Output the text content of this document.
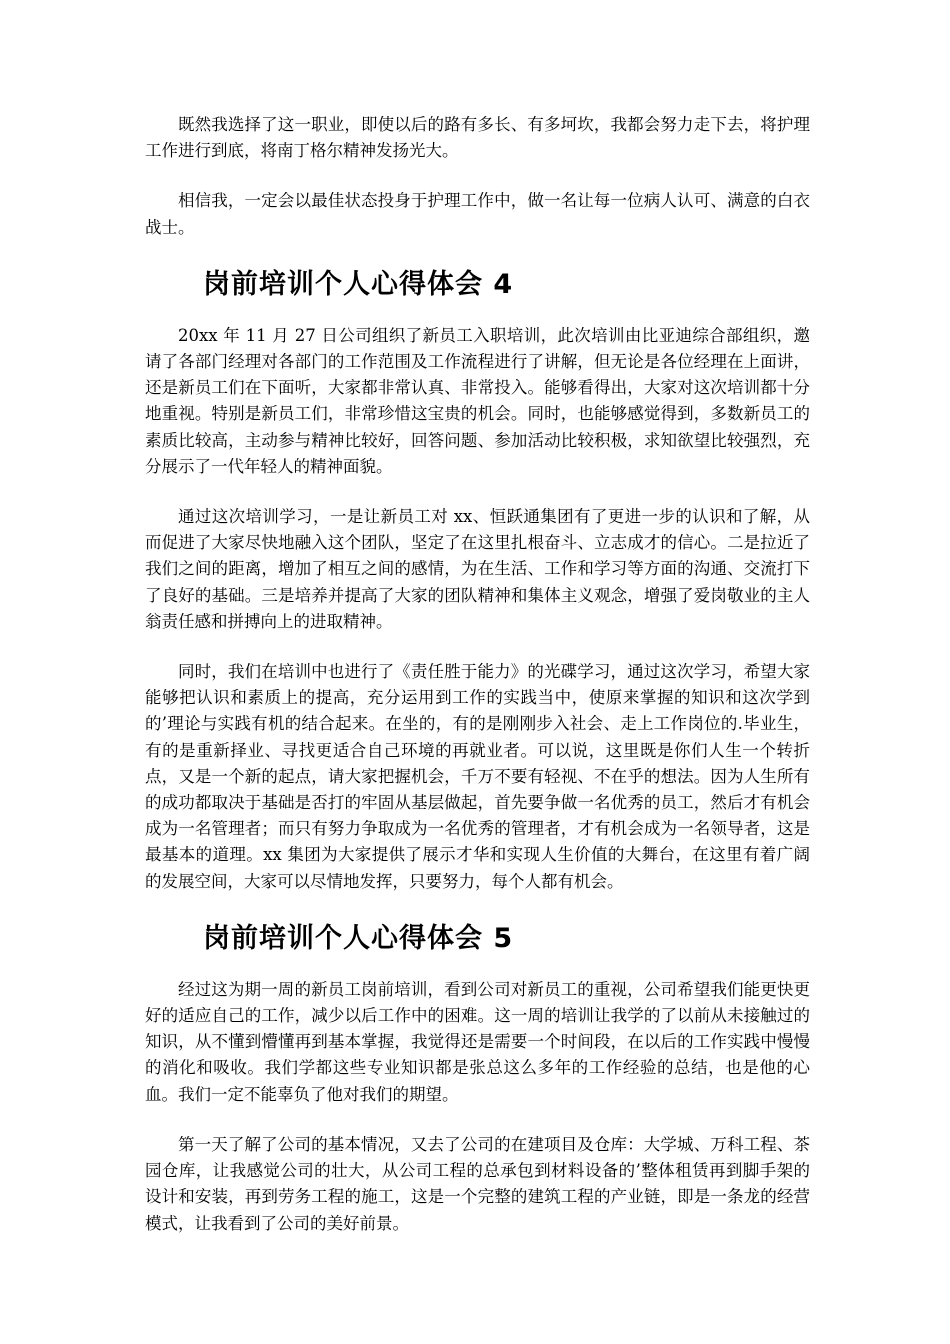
既然我选择了这一职业，即使以后的路有多长、有多坷坎，我都会努力走下去，将护理工作进行到底，将南丁格尔精神发扬光大。

相信我，一定会以最佳状态投身于护理工作中，做一名让每一位病人认可、满意的白衣战士。

岗前培训个人心得体会 4

20xx 年 11 月 27 日公司组织了新员工入职培训，此次培训由比亚迪综合部组织，邀请了各部门经理对各部门的工作范围及工作流程进行了讲解，但无论是各位经理在上面讲，还是新员工们在下面听，大家都非常认真、非常投入。能够看得出，大家对这次培训都十分地重视。特别是新员工们，非常珍惜这宝贵的机会。同时，也能够感觉得到，多数新员工的素质比较高，主动参与精神比较好，回答问题、参加活动比较积极，求知欲望比较强烈，充分展示了一代年轻人的精神面貌。

通过这次培训学习，一是让新员工对 xx、恒跃通集团有了更进一步的认识和了解，从而促进了大家尽快地融入这个团队，坚定了在这里扎根奋斗、立志成才的信心。二是拉近了我们之间的距离，增加了相互之间的感情，为在生活、工作和学习等方面的沟通、交流打下了良好的基础。三是培养并提高了大家的团队精神和集体主义观念，增强了爱岗敬业的主人翁责任感和拼搏向上的进取精神。

同时，我们在培训中也进行了《责任胜于能力》的光碟学习，通过这次学习，希望大家能够把认识和素质上的提高，充分运用到工作的实践当中，使原来掌握的知识和这次学到的’理论与实践有机的结合起来。在坐的，有的是刚刚步入社会、走上工作岗位的.毕业生，有的是重新择业、寻找更适合自己环境的再就业者。可以说，这里既是你们人生一个转折点，又是一个新的起点，请大家把握机会，千万不要有轻视、不在乎的想法。因为人生所有的成功都取决于基础是否打的牢固从基层做起，首先要争做一名优秀的员工，然后才有机会成为一名管理者；而只有努力争取成为一名优秀的管理者，才有机会成为一名领导者，这是最基本的道理。xx 集团为大家提供了展示才华和实现人生价值的大舞台，在这里有着广阔的发展空间，大家可以尽情地发挥，只要努力，每个人都有机会。

岗前培训个人心得体会 5

经过这为期一周的新员工岗前培训，看到公司对新员工的重视，公司希望我们能更快更好的适应自己的工作，减少以后工作中的困难。这一周的培训让我学的了以前从未接触过的知识，从不懂到懵懂再到基本掌握，我觉得还是需要一个时间段，在以后的工作实践中慢慢的消化和吸收。我们学都这些专业知识都是张总这么多年的工作经验的总结，也是他的心血。我们一定不能辜负了他对我们的期望。

第一天了解了公司的基本情况，又去了公司的在建项目及仓库：大学城、万科工程、茶园仓库，让我感觉公司的壮大，从公司工程的总承包到材料设备的’整体租赁再到脚手架的设计和安装，再到劳务工程的施工，这是一个完整的建筑工程的产业链，即是一条龙的经营模式，让我看到了公司的美好前景。
